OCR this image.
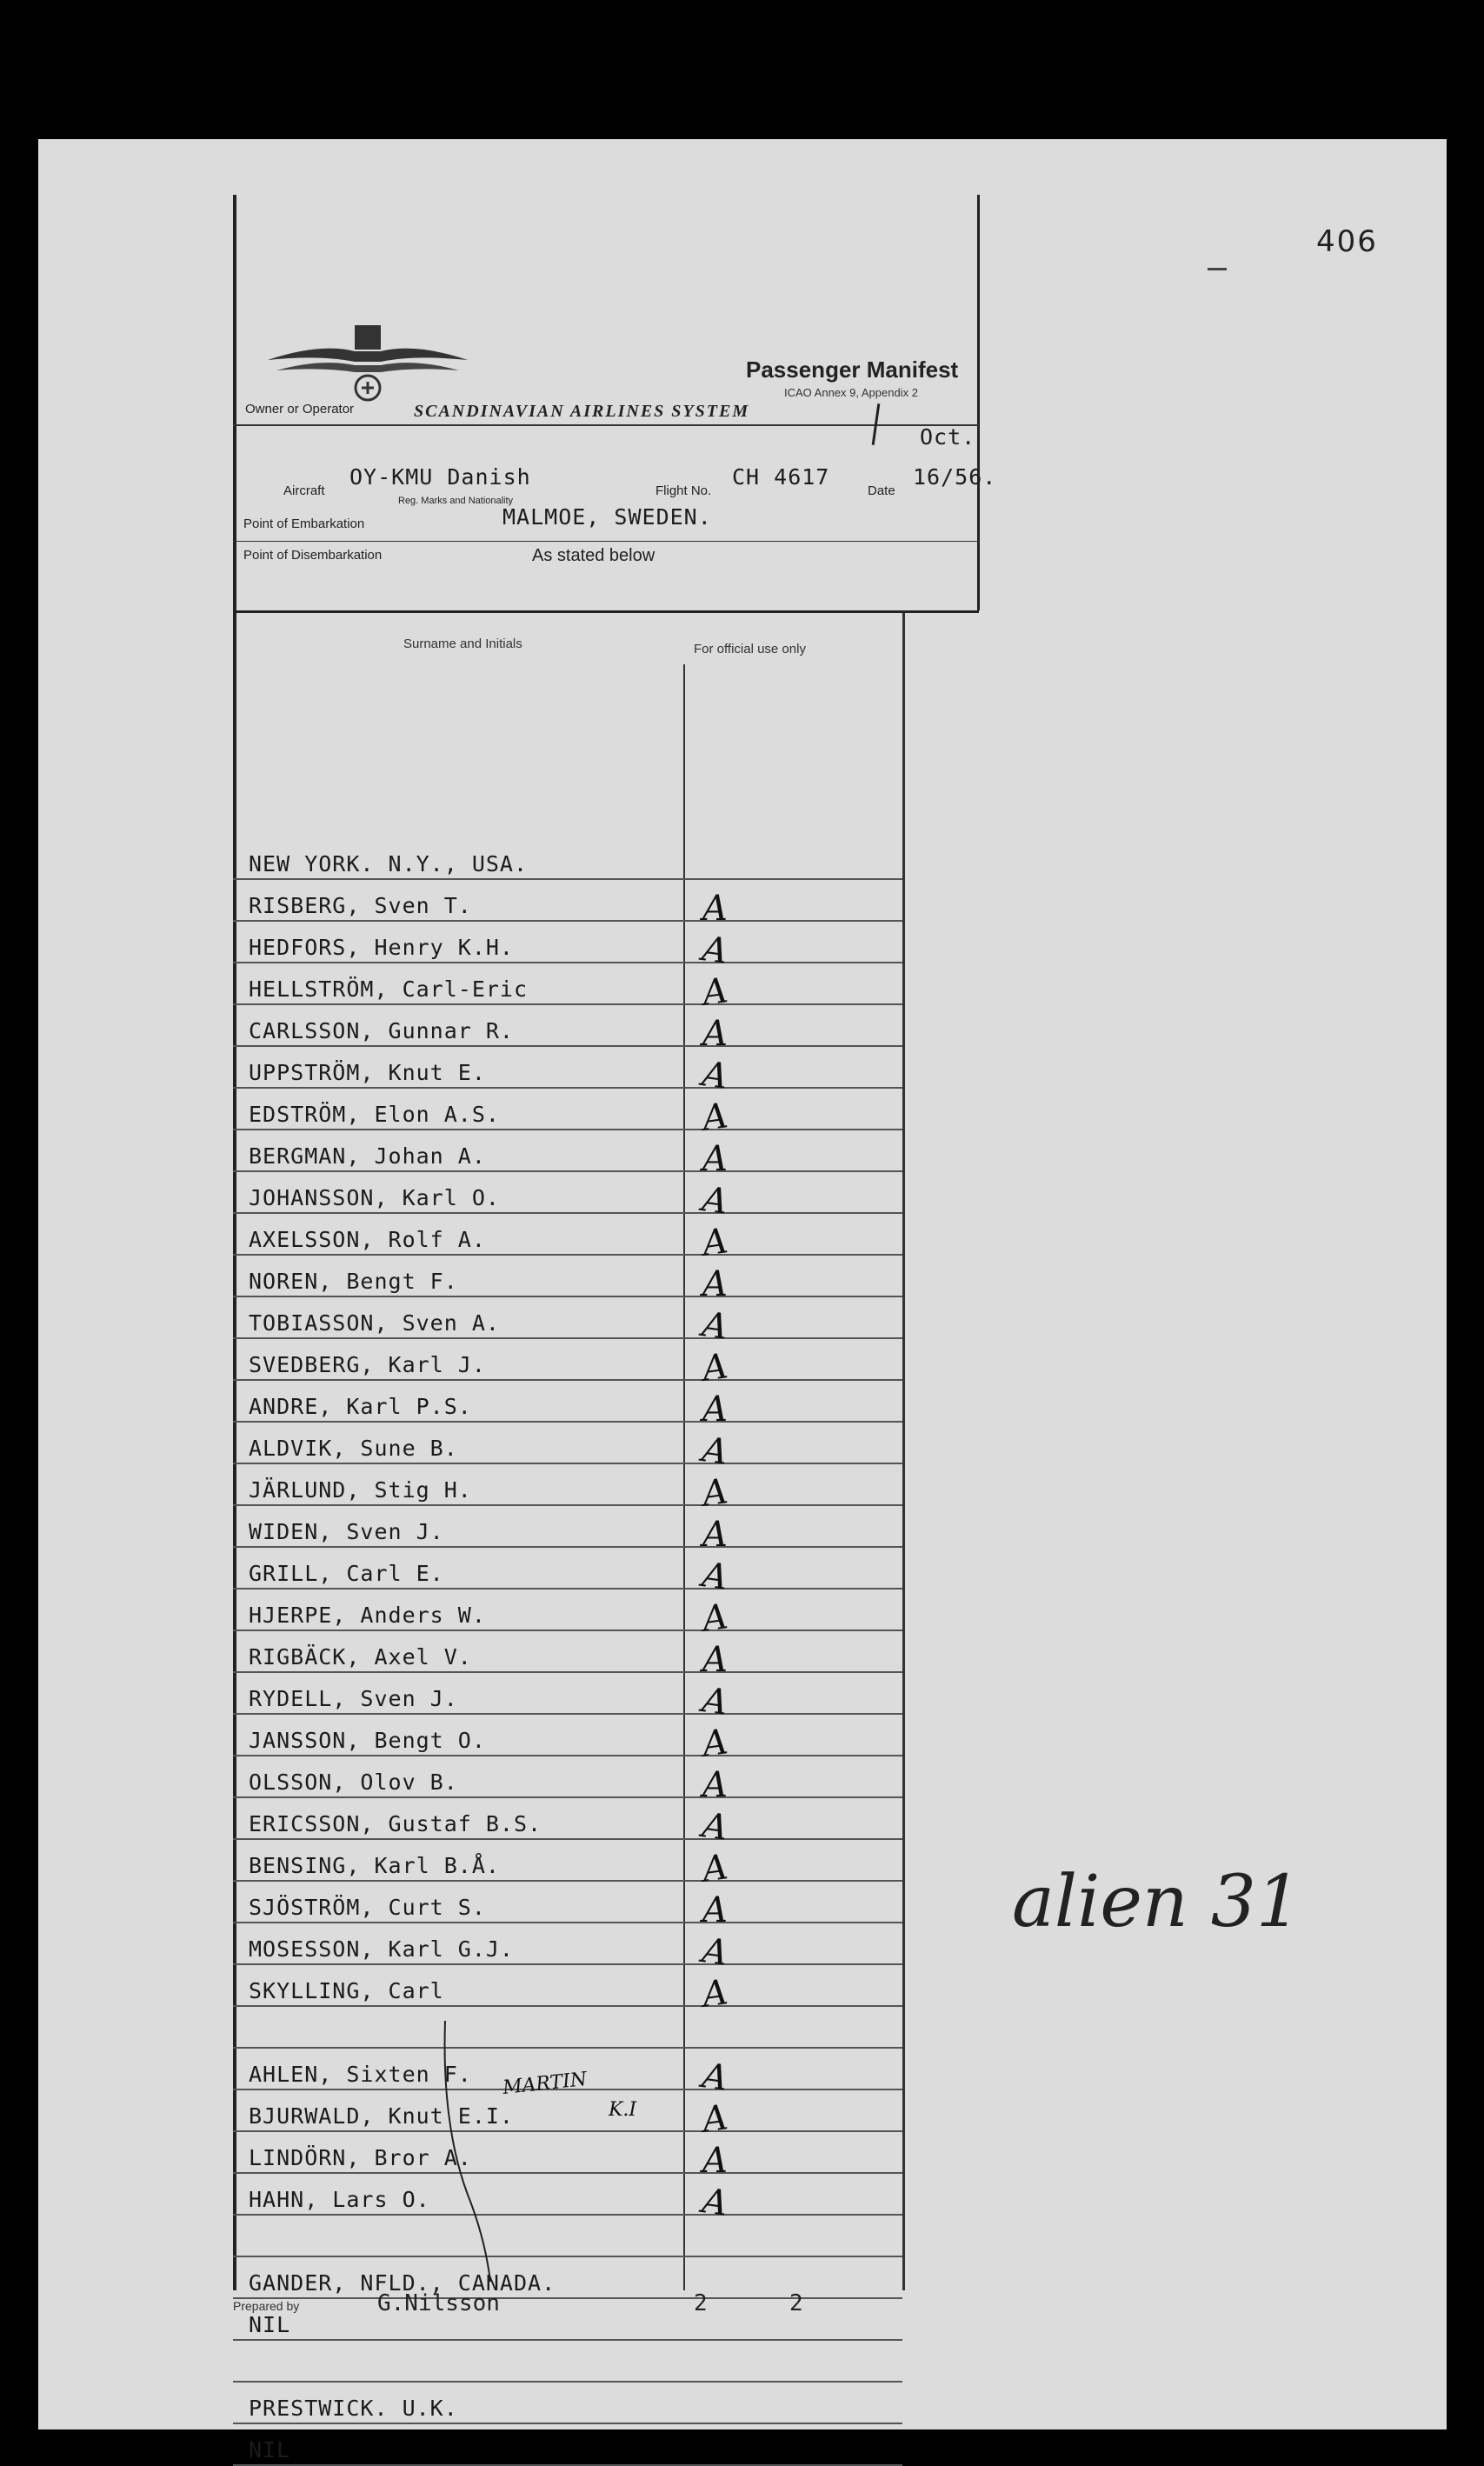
406
Passenger Manifest
ICAO Annex 9, Appendix 2
Owner or Operator	SCANDINAVIAN AIRLINES SYSTEM
Oct.
Aircraft
OY-KMU Danish
Reg. Marks and Nationality
Flight No.
CH 4617
Date
16/56.
Point of Embarkation	MALMOE, SWEDEN.
Point of Disembarkation	As stated below
Surname and Initials	For official use only
NEW YORK. N.Y., USA.
RISBERG, Sven T.	A
HEDFORS, Henry K.H.	A
HELLSTRÖM, Carl-Eric	A
CARLSSON, Gunnar R.	A
UPPSTRÖM, Knut E.	A
EDSTRÖM, Elon A.S.	A
BERGMAN, Johan A.	A
JOHANSSON, Karl O.	A
AXELSSON, Rolf A.	A
NOREN, Bengt F.	A
TOBIASSON, Sven A.	A
SVEDBERG, Karl J.	A
ANDRE, Karl P.S.	A
ALDVIK, Sune B.	A
JÄRLUND, Stig H.	A
WIDEN, Sven J.	A
GRILL, Carl E.	A
HJERPE, Anders W.	A
RIGBÄCK, Axel V.	A
RYDELL, Sven J.	A
JANSSON, Bengt O.	A
OLSSON, Olov B.	A
ERICSSON, Gustaf B.S.	A
BENSING, Karl B.Å.	A
SJÖSTRÖM, Curt S.	A
MOSESSON, Karl G.J.	A
SKYLLING, Carl	A
AHLEN, Sixten F.	A
BJURWALD, Knut E.I.	A
LINDÖRN, Bror A.	A
HAHN, Lars O.	A
GANDER, NFLD., CANADA.
NIL
PRESTWICK. U.K.
NIL
MARTIN
K.I
Prepared by	G.Nilsson	2	2
alien 31
